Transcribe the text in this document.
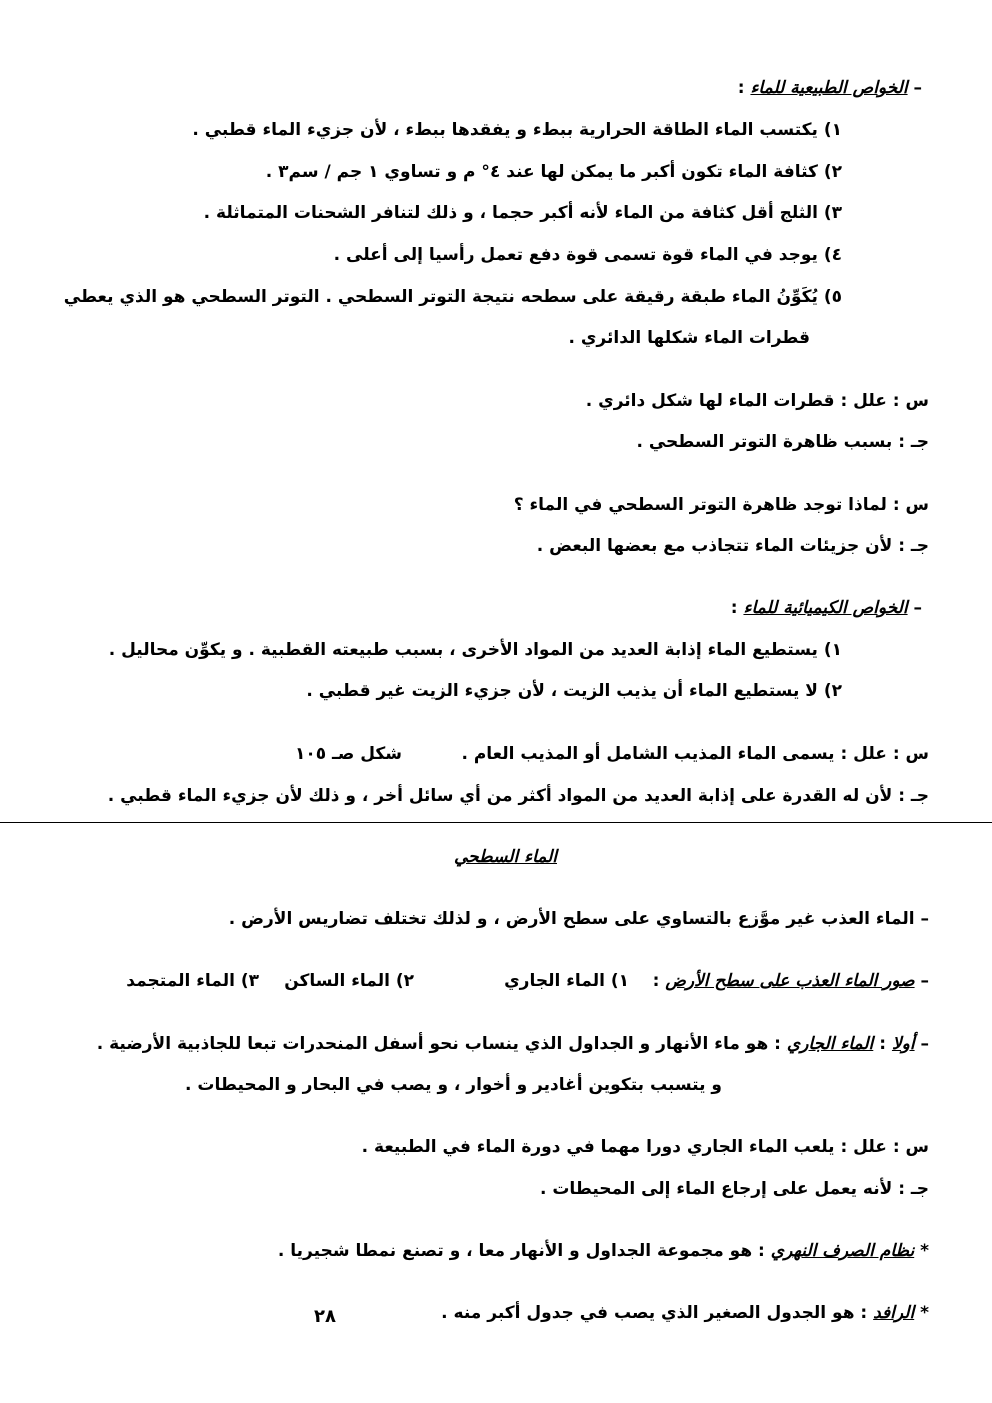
– الخواص الطبيعية للماء :
١) يكتسب الماء الطاقة الحرارية ببطء و يفقدها ببطء ، لأن جزيء الماء قطبي .
٢) كثافة الماء تكون أكبر ما يمكن لها عند ٤° م و تساوي ١ جم / سم٣ .
٣) الثلج أقل كثافة من الماء لأنه أكبر حجما ، و ذلك لتنافر الشحنات المتماثلة .
٤) يوجد في الماء قوة تسمى قوة دفع تعمل رأسيا إلى أعلى .
٥) يُكَوِّنُ الماء طبقة رقيقة على سطحه نتيجة التوتر السطحي . التوتر السطحي هو الذي يعطي
قطرات الماء شكلها الدائري .
س : علل : قطرات الماء لها شكل دائري .
جـ : بسبب ظاهرة التوتر السطحي .
س : لماذا توجد ظاهرة التوتر السطحي في الماء ؟
جـ : لأن جزيئات الماء تتجاذب مع بعضها البعض .
– الخواص الكيميائية للماء :
١) يستطيع الماء إذابة العديد من المواد الأخرى ، بسبب طبيعته القطبية . و يكوِّن محاليل .
٢) لا يستطيع الماء أن يذيب الزيت ، لأن جزيء الزيت غير قطبي .
س : علل : يسمى الماء المذيب الشامل أو المذيب العام .
شكل صـ ١٠٥
جـ : لأن له القدرة على إذابة العديد من المواد أكثر من أي سائل أخر ، و ذلك لأن جزيء الماء قطبي .
الماء السطحي
– الماء العذب غير موَّزع بالتساوي على سطح الأرض ، و لذلك تختلف تضاريس الأرض .
– صور الماء العذب على سطح الأرض :
١) الماء الجاري
٢) الماء الساكن
٣) الماء المتجمد
– أولا : الماء الجاري : هو ماء الأنهار و الجداول الذي ينساب نحو أسفل المنحدرات تبعا للجاذبية الأرضية .
و يتسبب بتكوين أغادير و أخوار ، و يصب في البحار و المحيطات .
س : علل : يلعب الماء الجاري دورا مهما في دورة الماء في الطبيعة .
جـ : لأنه يعمل على إرجاع الماء إلى المحيطات .
* نظام الصرف النهري : هو مجموعة الجداول و الأنهار معا ، و تصنع نمطا شجيريا .
* الرافد : هو الجدول الصغير الذي يصب في جدول أكبر منه .
٢٨
